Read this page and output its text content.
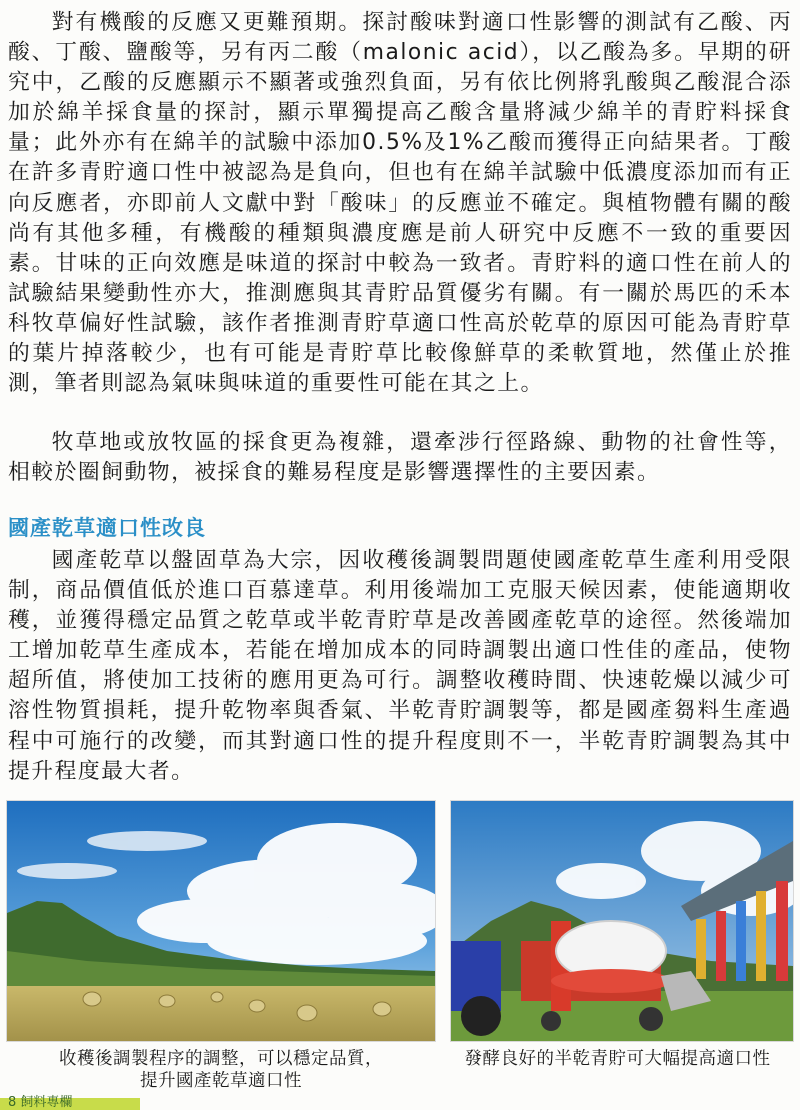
對有機酸的反應又更難預期。探討酸味對適口性影響的測試有乙酸、丙酸、丁酸、鹽酸等，另有丙二酸（malonic acid），以乙酸為多。早期的研究中，乙酸的反應顯示不顯著或強烈負面，另有依比例將乳酸與乙酸混合添加於綿羊採食量的探討，顯示單獨提高乙酸含量將減少綿羊的青貯料採食量；此外亦有在綿羊的試驗中添加0.5%及1%乙酸而獲得正向結果者。丁酸在許多青貯適口性中被認為是負向，但也有在綿羊試驗中低濃度添加而有正向反應者，亦即前人文獻中對「酸味」的反應並不確定。與植物體有關的酸尚有其他多種，有機酸的種類與濃度應是前人研究中反應不一致的重要因素。甘味的正向效應是味道的探討中較為一致者。青貯料的適口性在前人的試驗結果變動性亦大，推測應與其青貯品質優劣有關。有一關於馬匹的禾本科牧草偏好性試驗，該作者推測青貯草適口性高於乾草的原因可能為青貯草的葉片掉落較少，也有可能是青貯草比較像鮮草的柔軟質地，然僅止於推測，筆者則認為氣味與味道的重要性可能在其之上。

牧草地或放牧區的採食更為複雜，還牽涉行徑路線、動物的社會性等，相較於圈飼動物，被採食的難易程度是影響選擇性的主要因素。

國產乾草適口性改良

國產乾草以盤固草為大宗，因收穫後調製問題使國產乾草生產利用受限制，商品價值低於進口百慕達草。利用後端加工克服天候因素，使能適期收穫，並獲得穩定品質之乾草或半乾青貯草是改善國產乾草的途徑。然後端加工增加乾草生產成本，若能在增加成本的同時調製出適口性佳的產品，使物超所值，將使加工技術的應用更為可行。調整收穫時間、快速乾燥以減少可溶性物質損耗，提升乾物率與香氣、半乾青貯調製等，都是國產芻料生產過程中可施行的改變，而其對適口性的提升程度則不一，半乾青貯調製為其中提升程度最大者。

收穫後調製程序的調整，可以穩定品質，
提升國產乾草適口性

發酵良好的半乾青貯可大幅提高適口性

8 飼料專欄
